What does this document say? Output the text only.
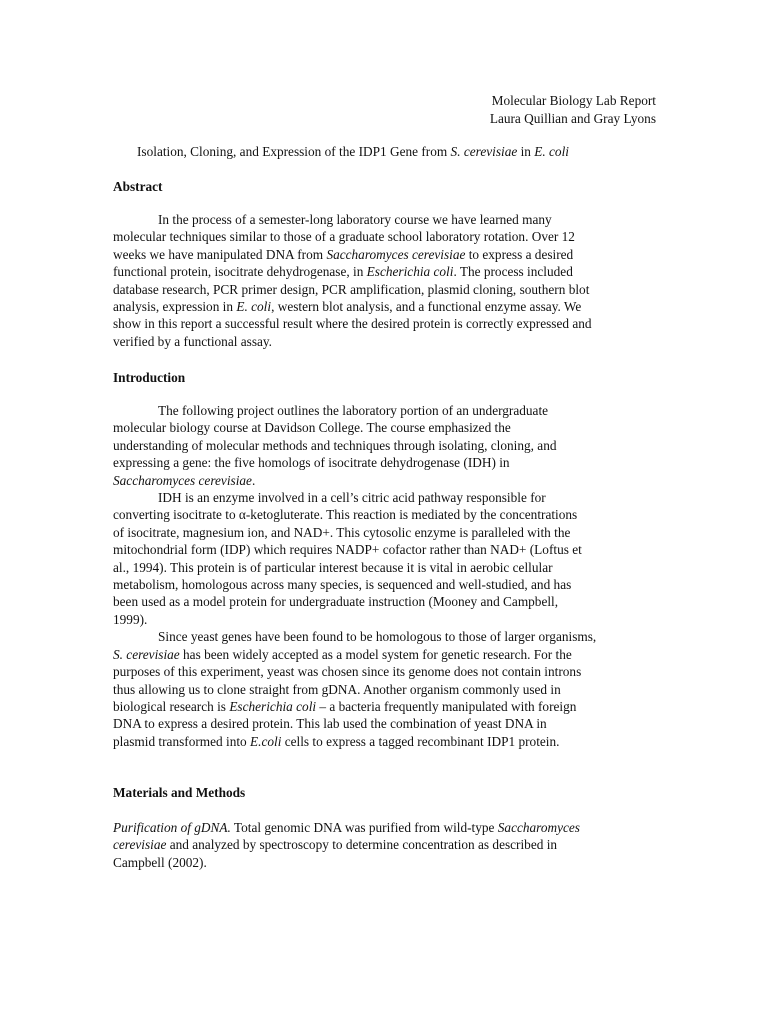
Molecular Biology Lab Report
Laura Quillian and Gray Lyons
Isolation, Cloning, and Expression of the IDP1 Gene from S. cerevisiae in E. coli
Abstract
In the process of a semester-long laboratory course we have learned many
molecular techniques similar to those of a graduate school laboratory rotation. Over 12
weeks we have manipulated DNA from Saccharomyces cerevisiae to express a desired
functional protein, isocitrate dehydrogenase, in Escherichia coli. The process included
database research, PCR primer design, PCR amplification, plasmid cloning, southern blot
analysis, expression in E. coli, western blot analysis, and a functional enzyme assay. We
show in this report a successful result where the desired protein is correctly expressed and
verified by a functional assay.
Introduction
The following project outlines the laboratory portion of an undergraduate
molecular biology course at Davidson College. The course emphasized the
understanding of molecular methods and techniques through isolating, cloning, and
expressing a gene: the five homologs of isocitrate dehydrogenase (IDH) in
Saccharomyces cerevisiae.
IDH is an enzyme involved in a cell’s citric acid pathway responsible for
converting isocitrate to α-ketogluterate. This reaction is mediated by the concentrations
of isocitrate, magnesium ion, and NAD+. This cytosolic enzyme is paralleled with the
mitochondrial form (IDP) which requires NADP+ cofactor rather than NAD+ (Loftus et
al., 1994). This protein is of particular interest because it is vital in aerobic cellular
metabolism, homologous across many species, is sequenced and well-studied, and has
been used as a model protein for undergraduate instruction (Mooney and Campbell,
1999).
Since yeast genes have been found to be homologous to those of larger organisms,
S. cerevisiae has been widely accepted as a model system for genetic research. For the
purposes of this experiment, yeast was chosen since its genome does not contain introns
thus allowing us to clone straight from gDNA. Another organism commonly used in
biological research is Escherichia coli – a bacteria frequently manipulated with foreign
DNA to express a desired protein. This lab used the combination of yeast DNA in
plasmid transformed into E.coli cells to express a tagged recombinant IDP1 protein.
Materials and Methods
Purification of gDNA. Total genomic DNA was purified from wild-type Saccharomyces
cerevisiae and analyzed by spectroscopy to determine concentration as described in
Campbell (2002).
